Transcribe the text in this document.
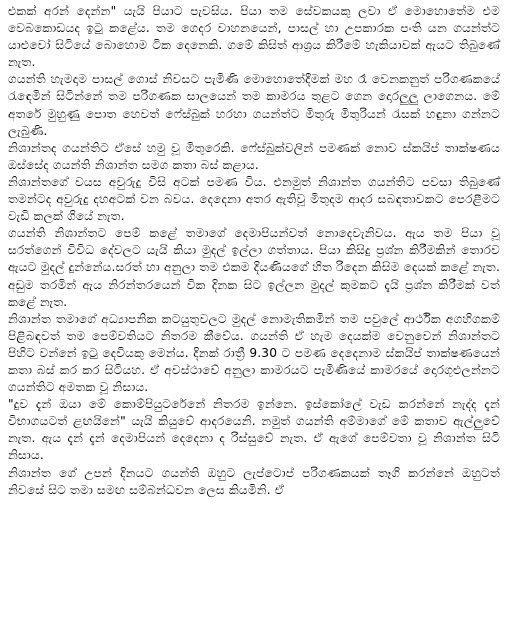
එකක් අරන් දෙන්න" යැයි පියාට පැවසිය. පියා තම සේවකයකු ලවා ඒ මොහොතේම එම වෙබකොඩයද ඉටු කළේය. තම ගෙදර වාහනයෙන්, පාසල් හා උපකාරක පංති යන ගයන්ත්ට යාළුවෝ සිටියේ බොහොම ටික දෙනෙකි. ගමේ කිසිත් ආශ්‍රය කිරීමේ හැකියාවක් ඇයට තිබුණේ නැත.

ගයන්ති හැමදාම පාසල් ගොස් නිවසට පැමිණි මොහොතේදීමක් මහ රෑ වෙනකනුත් පරිගණකයේ රැඳෙමින් සිටින්නේ තම පරිගණක සාලයෙන් තම කාමරය තුළට ගෙන දොරලුලු ලාගෙනය. මේ අතරේ මුහුණු පොත හෙවත් ෆේස්බුක් හරහා ගයන්ත්ට මිතුරු මිතුරියන් රැසක් හඳුනා ගන්නට ලැබුණි.

නිශාන්තද ගයන්තිට ඒසේ හමු වූ මිතුරෙකි. ෆේස්බුක්වලින් පමණක් නොව ස්කයිප් තාක්ෂණය ඔස්සේද ගයන්ති නිශාන්ත සමග කතා බස් කළාය.

නිශාන්තගේ වයස අවුරුදු විසි අටක් පමණ විය. එනමුත් නිශාන්ත ගයන්තිට පවසා තිබුණේ තමන්ටද අවුරුදු දහඅටක් වන බවය. දෙදෙනා අතර ඇතිවූ මිතුදම ආදර සබඳතාවකට පෙරළීමට වැඩි කලක් ගියේ නැත.

ගයන්ති නිශාන්තට පෙම් කළේ තමාගේ දෙමාපියන්වත් නොදෙවැනිවය. ඇය තම පියා වූ සරත්ගෙන් විවිධ දේවලට යැයි කියා මුදල් ඉල්ලා ගත්තාය. පියා කිසිදු ප්‍රශ්න කිරීමකින් තොරව ඇයට මුදල් දුන්නේය.සරත් හා අනුලා තම එකම දියණියගේ හිත රිදෙන කිසිම දෙයක් කළේ නැත. අඩුම තරමින් ඇය නිරන්තරයෙන් වික දිනක සිට ඉල්ලන මුදල් කුමකට දැයි ප්‍රශ්න කිරීමක් වත් කළේ නැත.

නිශාන්ත තමාගේ අධ්‍යාපනික කටයුතුවලට මුදල් නොමැතිකමින් තම පවුලේ ආර්ථික අගහිගකම් පිළිබඳවත් තම පෙම්වතියට නිතරම කීවේය. ගයන්ති ඒ හැම දෙයක්ම වෙනුවෙන් නිශාන්තට පිහිට වන්නේ ඉටු දෙවියකු මෙන්ය. දිනක් රාත්‍රී 9.30 ට පමණ දෙදෙනාම ස්කයිප් තාක්ෂණයෙන් කතා බස් කර කර සිටියහ. ඒ අවස්ථාවේ අනුලා කාමරයට පැමිණියේ කාමරයේ දොරගුළුලන්නට ගයන්තිට අමතක වූ නිසාය.

"දුව දැන් ඔයා මේ කොම්පියුටරේනේ නිතරම ඉන්නෙ. ඉස්කෝලේ වැඩ කරන්නේ නැද්ද දැන් විභාගයටත් ළඟයිනේ" යැයි කියුවේ ආදරයෙනි. නමුත් ගයන්ති අම්මාගේ මේ කතාව ඇල්ලුවේ නැත. ඇය දැන් දැන් දෙමාපියන් දෙදෙනා ද රිස්සුවේ නැත. ඒ ඇගේ පෙම්වතා වූ නිශාන්ත සිටි නිසාය.

නිශාන්ත ගේ උපන් දිනයට ගයන්ති ඔහුට ලැප්ටොප් පරිගණකයක් තෑගි කරන්නේ ඔහුටත් නිවසේ සිට තමා සමඟ සම්බන්ධවන ලෙස කියමිනි. ඒ
